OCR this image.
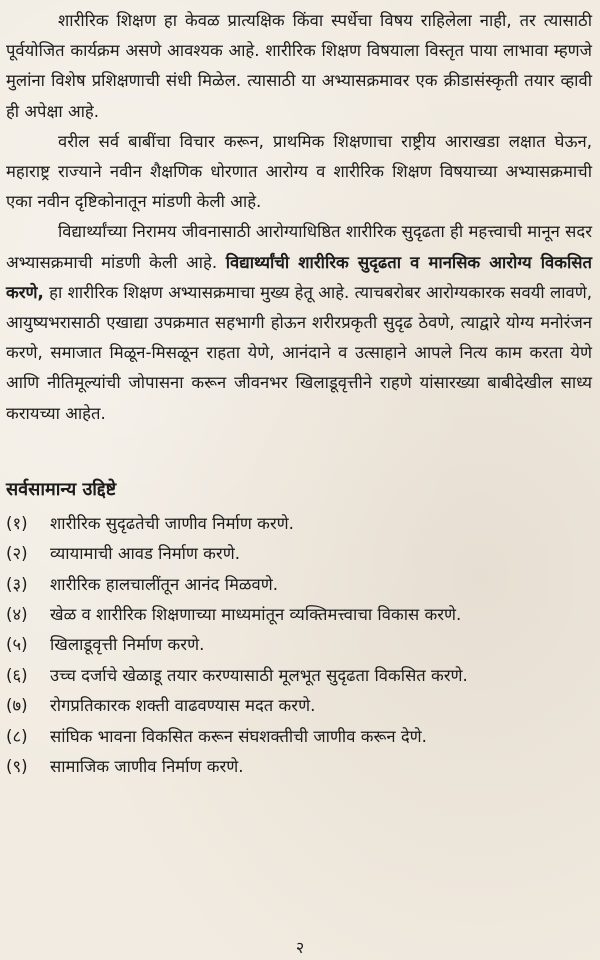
शारीरिक शिक्षण हा केवळ प्रात्यक्षिक किंवा स्पर्धेचा विषय राहिलेला नाही, तर त्यासाठी पूर्वयोजित कार्यक्रम असणे आवश्यक आहे. शारीरिक शिक्षण विषयाला विस्तृत पाया लाभावा म्हणजे मुलांना विशेष प्रशिक्षणाची संधी मिळेल. त्यासाठी या अभ्यासक्रमावर एक क्रीडासंस्कृती तयार व्हावी ही अपेक्षा आहे.

वरील सर्व बाबींचा विचार करून, प्राथमिक शिक्षणाचा राष्ट्रीय आराखडा लक्षात घेऊन, महाराष्ट्र राज्याने नवीन शैक्षणिक धोरणात आरोग्य व शारीरिक शिक्षण विषयाच्या अभ्यासक्रमाची एका नवीन दृष्टिकोनातून मांडणी केली आहे.

विद्यार्थ्यांच्या निरामय जीवनासाठी आरोग्याधिष्ठित शारीरिक सुदृढता ही महत्त्वाची मानून सदर अभ्यासक्रमाची मांडणी केली आहे. विद्यार्थ्यांची शारीरिक सुदृढता व मानसिक आरोग्य विकसित करणे, हा शारीरिक शिक्षण अभ्यासक्रमाचा मुख्य हेतू आहे. त्याचबरोबर आरोग्यकारक सवयी लावणे, आयुष्यभरासाठी एखाद्या उपक्रमात सहभागी होऊन शरीरप्रकृती सुदृढ ठेवणे, त्याद्वारे योग्य मनोरंजन करणे, समाजात मिळून-मिसळून राहता येणे, आनंदाने व उत्साहाने आपले नित्य काम करता येणे आणि नीतिमूल्यांची जोपासना करून जीवनभर खिलाडूवृत्तीने राहणे यांसारख्या बाबीदेखील साध्य करायच्या आहेत.

सर्वसामान्य उद्दिष्टे
(१)	शारीरिक सुदृढतेची जाणीव निर्माण करणे.
(२)	व्यायामाची आवड निर्माण करणे.
(३)	शारीरिक हालचालींतून आनंद मिळवणे.
(४)	खेळ व शारीरिक शिक्षणाच्या माध्यमांतून व्यक्तिमत्त्वाचा विकास करणे.
(५)	खिलाडूवृत्ती निर्माण करणे.
(६)	उच्च दर्जाचे खेळाडू तयार करण्यासाठी मूलभूत सुदृढता विकसित करणे.
(७)	रोगप्रतिकारक शक्ती वाढवण्यास मदत करणे.
(८)	सांघिक भावना विकसित करून संघशक्तीची जाणीव करून देणे.
(९)	सामाजिक जाणीव निर्माण करणे.
२
